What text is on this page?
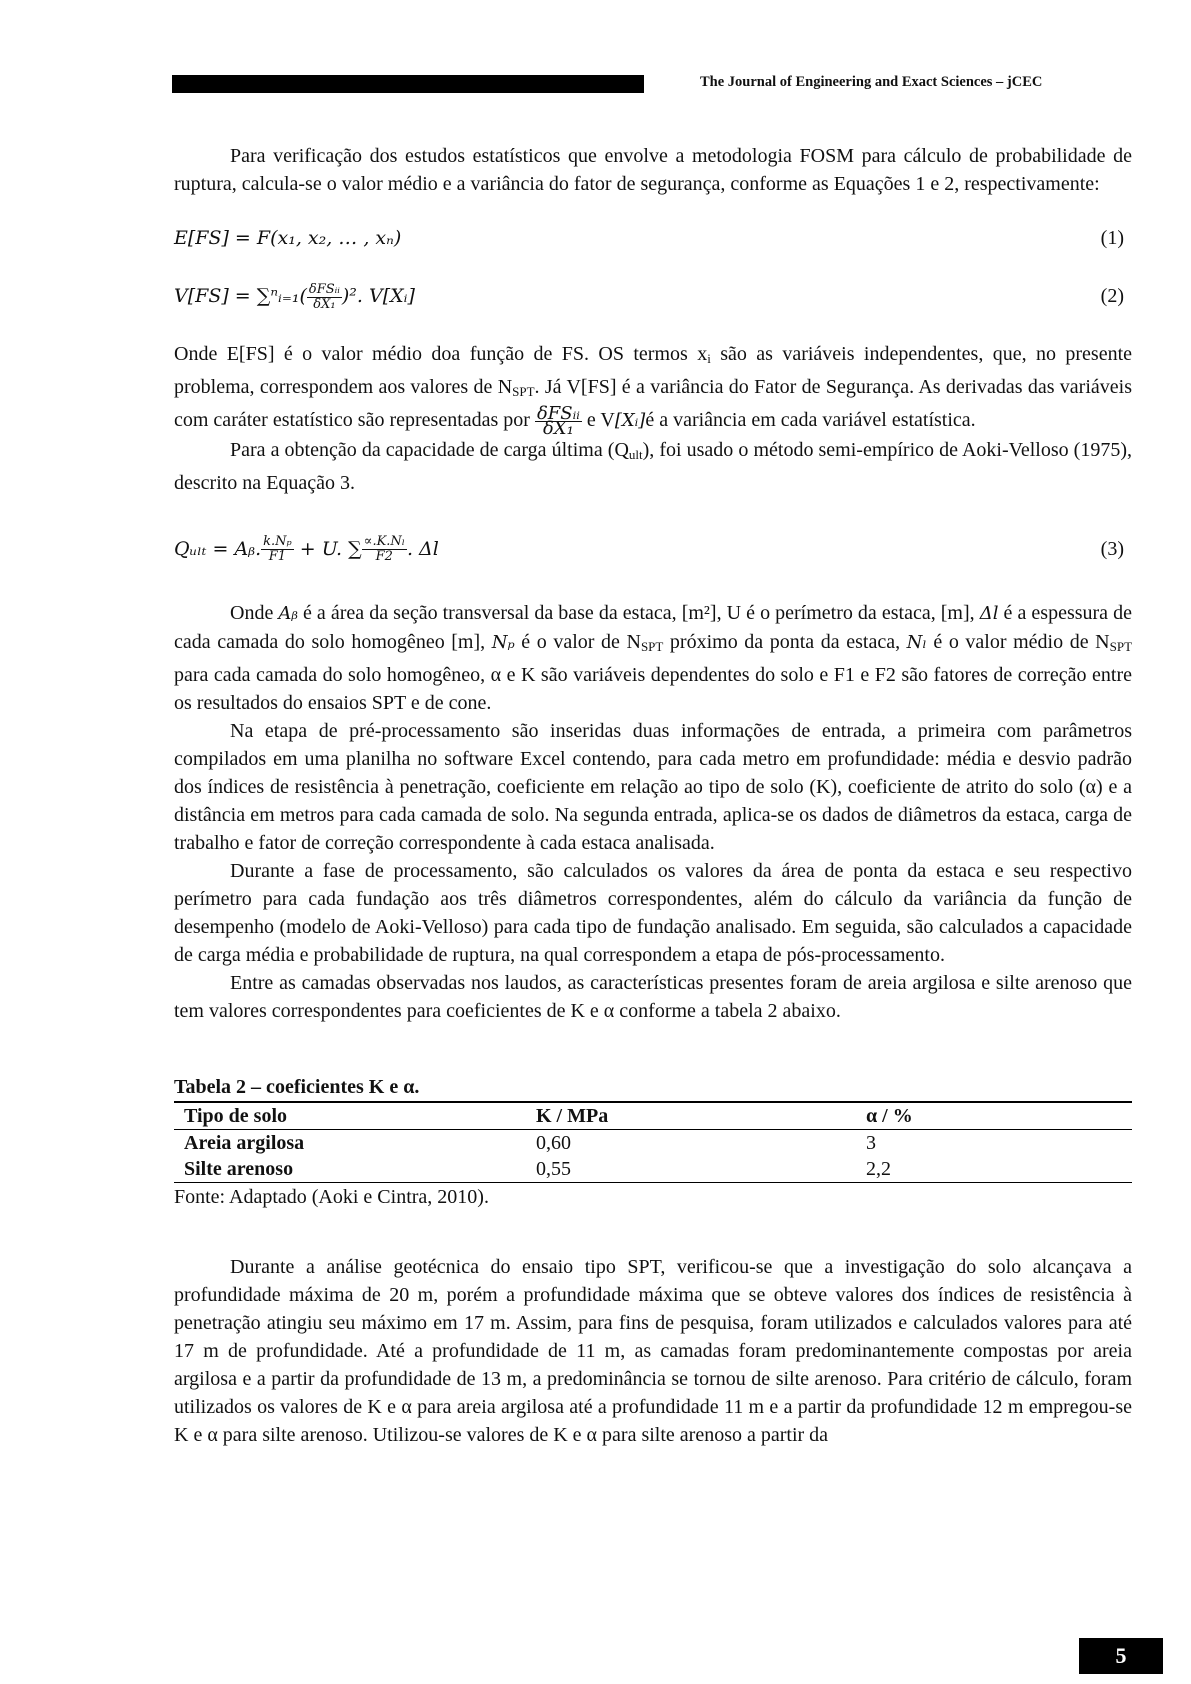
The Journal of Engineering and Exact Sciences – jCEC

Para verificação dos estudos estatísticos que envolve a metodologia FOSM para cálculo de probabilidade de ruptura, calcula-se o valor médio e a variância do fator de segurança, conforme as Equações 1 e 2, respectivamente:

E[FS] = F(x₁, x₂, … , xₙ)	(1)
V[FS] = ∑ⁿᵢ₌₁( $\frac{\text{δFSᵢᵢ}}{\text{δX₁}} )^2$. V[Xᵢ]	(2)

Onde E[FS] é o valor médio doa função de FS. OS termos $x_i$ são as variáveis independentes, que, no presente problema, correspondem aos valores de $N_{SPT}$. Já V[FS] é a variância do Fator de Segurança. As derivadas das variáveis com caráter estatístico são representadas por $\frac{\text{δFSᵢᵢ}}{\text{δX₁}}$ e V[Xᵢ]é a variância em cada variável estatística.

Para a obtenção da capacidade de carga última $(Q_{ult})$, foi usado o método semi-empírico de Aoki-Velloso (1975), descrito na Equação 3.

Qᵤₗₜ = Aᵦ. $\frac{\text{k.Nₚ}}{F1} + U$. ∑ $\frac{\text{∝.K.Nₗ}}{F2}$ . Δl	(3)

Onde Aᵦ é a área da seção transversal da base da estaca, [m²], U é o perímetro da estaca, [m], Δl é a espessura de cada camada do solo homogêneo [m], Nₚ é o valor de $N_{SPT}$ próximo da ponta da estaca, Nₗ é o valor médio de $N_{SPT}$ para cada camada do solo homogêneo, α e K são variáveis dependentes do solo e F1 e F2 são fatores de correção entre os resultados do ensaios SPT e de cone.

Na etapa de pré-processamento são inseridas duas informações de entrada, a primeira com parâmetros compilados em uma planilha no software Excel contendo, para cada metro em profundidade: média e desvio padrão dos índices de resistência à penetração, coeficiente em relação ao tipo de solo (K), coeficiente de atrito do solo (α) e a distância em metros para cada camada de solo. Na segunda entrada, aplica-se os dados de diâmetros da estaca, carga de trabalho e fator de correção correspondente à cada estaca analisada.

Durante a fase de processamento, são calculados os valores da área de ponta da estaca e seu respectivo perímetro para cada fundação aos três diâmetros correspondentes, além do cálculo da variância da função de desempenho (modelo de Aoki-Velloso) para cada tipo de fundação analisado. Em seguida, são calculados a capacidade de carga média e probabilidade de ruptura, na qual correspondem a etapa de pós-processamento.

Entre as camadas observadas nos laudos, as características presentes foram de areia argilosa e silte arenoso que tem valores correspondentes para coeficientes de K e α conforme a tabela 2 abaixo.

Tabela 2 – coeficientes K e α.
Tipo de solo	K / MPa	α / %
Areia argilosa	0,60	3
Silte arenoso	0,55	2,2

Fonte: Adaptado (Aoki e Cintra, 2010).

Durante a análise geotécnica do ensaio tipo SPT, verificou-se que a investigação do solo alcançava a profundidade máxima de 20 m, porém a profundidade máxima que se obteve valores dos índices de resistência à penetração atingiu seu máximo em 17 m. Assim, para fins de pesquisa, foram utilizados e calculados valores para até 17 m de profundidade. Até a profundidade de 11 m, as camadas foram predominantemente compostas por areia argilosa e a partir da profundidade de 13 m, a predominância se tornou de silte arenoso. Para critério de cálculo, foram utilizados os valores de K e α para areia argilosa até a profundidade 11 m e a partir da profundidade 12 m empregou-se K e α para silte arenoso. Utilizou-se valores de K e α para silte arenoso a partir da

5
